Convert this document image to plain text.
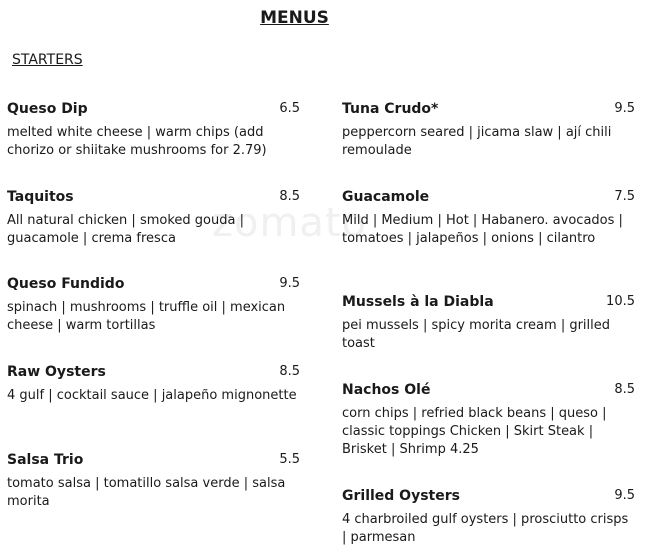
MENUS
STARTERS
zomato
Queso Dip	6.5
melted white cheese | warm chips (add chorizo or shiitake mushrooms for 2.79)
Taquitos	8.5
All natural chicken | smoked gouda | guacamole | crema fresca
Queso Fundido	9.5
spinach | mushrooms | truffle oil | mexican cheese | warm tortillas
Raw Oysters	8.5
4 gulf | cocktail sauce | jalapeño mignonette
Salsa Trio	5.5
tomato salsa | tomatillo salsa verde | salsa morita
Tuna Crudo*	9.5
peppercorn seared | jicama slaw | ají chili remoulade
Guacamole	7.5
Mild | Medium | Hot | Habanero. avocados | tomatoes | jalapeños | onions | cilantro
Mussels à la Diabla	10.5
pei mussels | spicy morita cream | grilled toast
Nachos Olé	8.5
corn chips | refried black beans | queso | classic toppings Chicken | Skirt Steak | Brisket | Shrimp 4.25
Grilled Oysters	9.5
4 charbroiled gulf oysters | prosciutto crisps | parmesan
